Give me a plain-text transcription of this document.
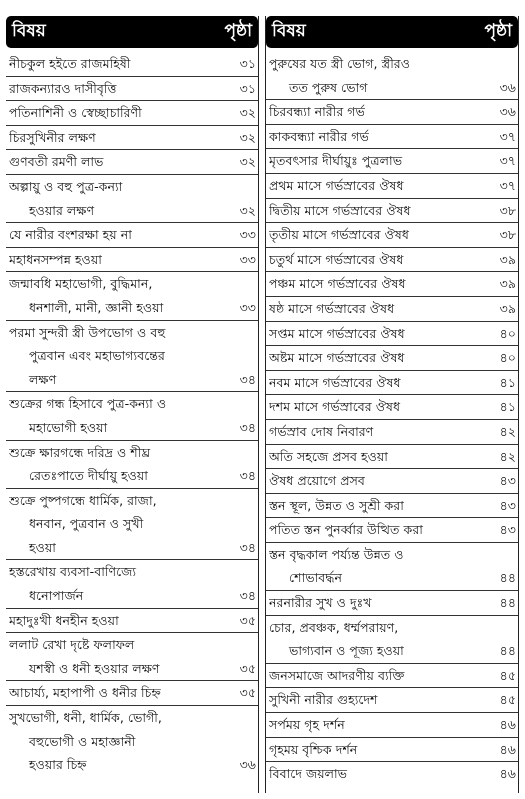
বিষয়	পৃষ্ঠা
নীচকুল হইতে রাজমহিষী	৩১
রাজকন্যারও দাসীবৃত্তি	৩১
পতিনাশিনী ও স্বেচ্ছাচারিণী	৩২
চিরসুখিনীর লক্ষণ	৩২
গুণবতী রমণী লাভ	৩২
অল্পায়ু ও বহু পুত্র-কন্যা
হওয়ার লক্ষণ	৩২
যে নারীর বংশরক্ষা হয় না	৩৩
মহাধনসম্পন্ন হওয়া	৩৩
জন্মাবধি মহাভোগী, বুদ্ধিমান,
ধনশালী, মানী, জ্ঞানী হওয়া	৩৩
পরমা সুন্দরী স্ত্রী উপভোগ ও বহু
পুত্রবান এবং মহাভাগ্যবন্তের
লক্ষণ	৩৪
শুক্রের গন্ধ হিসাবে পুত্র-কন্যা ও
মহাভোগী হওয়া	৩৪
শুক্রে ক্ষারগন্ধে দরিদ্র ও শীঘ্র
রেতঃপাতে দীর্ঘায়ু হওয়া	৩৪
শুক্রে পুষ্পগন্ধে ধার্মিক, রাজা,
ধনবান, পুত্রবান ও সুখী
হওয়া	৩৪
হস্তরেখায় ব্যবসা-বাণিজ্যে
ধনোপার্জন	৩৪
মহাদুঃখী ধনহীন হওয়া	৩৫
ললাট রেখা দৃষ্টে ফলাফল
যশস্বী ও ধনী হওয়ার লক্ষণ	৩৫
আচার্য্য, মহাপাপী ও ধনীর চিহ্ন	৩৫
সুখভোগী, ধনী, ধার্মিক, ভোগী,
বহুভোগী ও মহাজ্ঞানী
হওয়ার চিহ্ন	৩৬
বিষয়	পৃষ্ঠা
পুরুষের যত স্ত্রী ভোগ, স্ত্রীরও
তত পুরুষ ভোগ	৩৬
চিরবন্ধ্যা নারীর গর্ভ	৩৬
কাকবন্ধ্যা নারীর গর্ভ	৩৭
মৃতবৎসার দীর্ঘায়ুঃ পুত্রলাভ	৩৭
প্রথম মাসে গর্ভস্রাবের ঔষধ	৩৭
দ্বিতীয় মাসে গর্ভস্রাবের ঔষধ	৩৮
তৃতীয় মাসে গর্ভস্রাবের ঔষধ	৩৮
চতুর্থ মাসে গর্ভস্রাবের ঔষধ	৩৯
পঞ্চম মাসে গর্ভস্রাবের ঔষধ	৩৯
ষষ্ঠ মাসে গর্ভস্রাবের ঔষধ	৩৯
সপ্তম মাসে গর্ভস্রাবের ঔষধ	৪০
অষ্টম মাসে গর্ভস্রাবের ঔষধ	৪০
নবম মাসে গর্ভস্রাবের ঔষধ	৪১
দশম মাসে গর্ভস্রাবের ঔষধ	৪১
গর্ভস্রাব দোষ নিবারণ	৪২
অতি সহজে প্রসব হওয়া	৪২
ঔষধ প্রয়োগে প্রসব	৪৩
স্তন স্থূল, উন্নত ও সুশ্রী করা	৪৩
পতিত স্তন পুনর্ব্বার উত্থিত করা	৪৩
স্তন বৃদ্ধকাল পর্য্যন্ত উন্নত ও
শোভাবর্দ্ধন	৪৪
নরনারীর সুখ ও দুঃখ	৪৪
চোর, প্রবঞ্চক, ধর্ম্মপরায়ণ,
ভাগ্যবান ও পূজ্য হওয়া	৪৪
জনসমাজে আদরণীয় ব্যক্তি	৪৫
সুখিনী নারীর গুহ্যদেশ	৪৫
সর্পময় গৃহ দর্শন	৪৬
গৃহময় বৃশ্চিক দর্শন	৪৬
বিবাদে জয়লাভ	৪৬
